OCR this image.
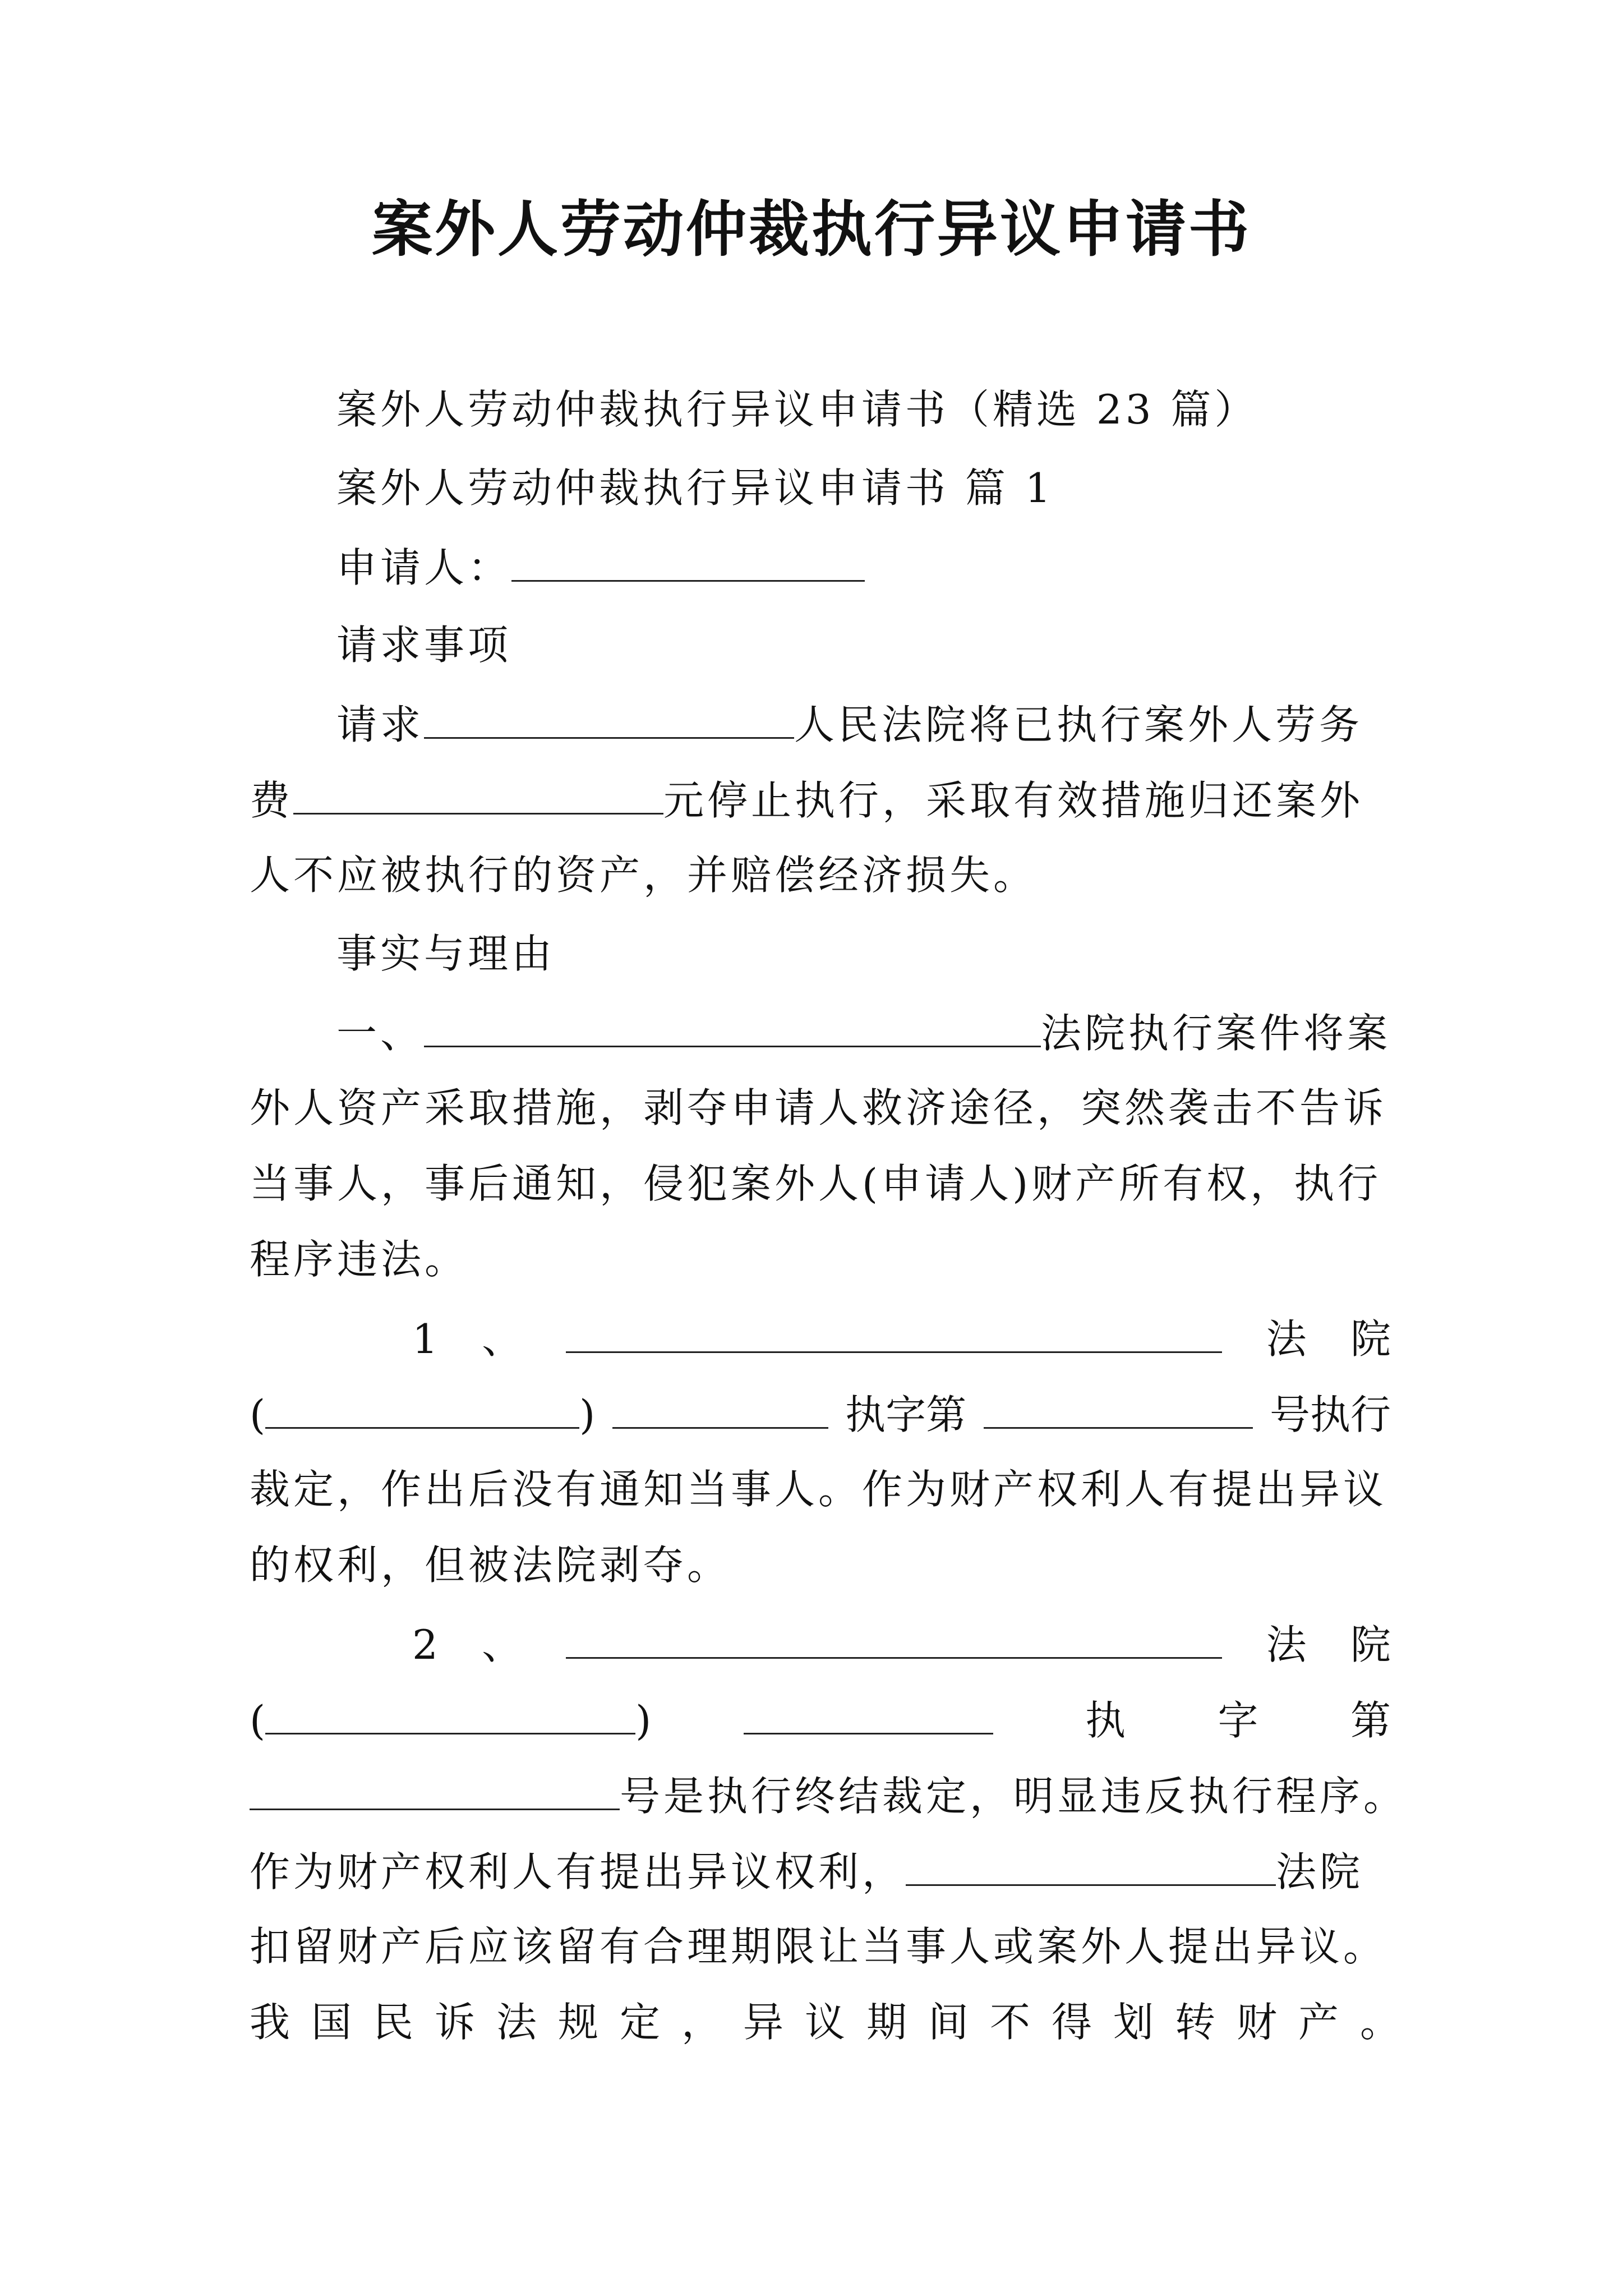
案外人劳动仲裁执行异议申请书
案外人劳动仲裁执行异议申请书（精选 23 篇）
案外人劳动仲裁执行异议申请书 篇 1
申请人：
请求事项
请求	人民法院将已执行案外人劳务
费	元停止执行，采取有效措施归还案外
人不应被执行的资产，并赔偿经济损失。
事实与理由
一、	法院执行案件将案
外人资产采取措施，剥夺申请人救济途径，突然袭击不告诉
当事人，事后通知，侵犯案外人(申请人)财产所有权，执行
程序违法。
1 、	法 院
(	)	执字第	号执行
裁定，作出后没有通知当事人。作为财产权利人有提出异议
的权利，但被法院剥夺。
2 、	法 院
(	)	执 字 第
号是执行终结裁定，明显违反执行程序。
作为财产权利人有提出异议权利，	法院
扣留财产后应该留有合理期限让当事人或案外人提出异议。
我国民诉法规定，异议期间不得划转财产。
